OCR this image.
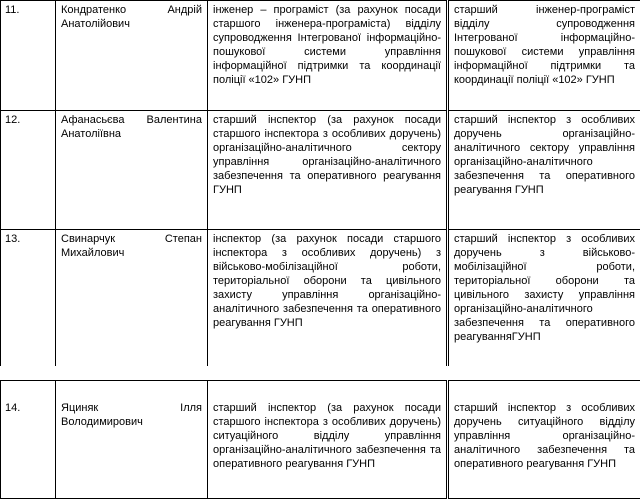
11.	Кондратенко Андрій Анатолійович	інженер – програміст (за рахунок посади старшого інженера-програміста) відділу супроводження Інтегрованої інформаційно-пошукової системи управління інформаційної підтримки та координації поліції «102» ГУНП	старший інженер-програміст відділу супроводження Інтегрованої інформаційно-пошукової системи управління інформаційної підтримки та координації поліції «102» ГУНП
12.	Афанасьєва Валентина Анатоліївна	старший інспектор (за рахунок посади старшого інспектора з особливих доручень) організаційно-аналітичного сектору управління організаційно-аналітичного забезпечення та оперативного реагування ГУНП	старший інспектор з особливих доручень організаційно-аналітичного сектору управління організаційно-аналітичного забезпечення та оперативного реагування ГУНП
13.	Свинарчук Степан Михайлович	інспектор (за рахунок посади старшого інспектора з особливих доручень) з військово-мобілізаційної роботи, територіальної оборони та цивільного захисту управління організаційно-аналітичного забезпечення та оперативного реагування ГУНП	старший інспектор з особливих доручень з військово-мобілізаційної роботи, територіальної оборони та цивільного захисту управління організаційно-аналітичного забезпечення та оперативного реагуванняГУНП
14.	Яциняк Ілля Володимирович	старший інспектор (за рахунок посади старшого інспектора з особливих доручень) ситуаційного відділу управління організаційно-аналітичного забезпечення та оперативного реагування ГУНП	старший інспектор з особливих доручень ситуаційного відділу управління організаційно-аналітичного забезпечення та оперативного реагування ГУНП
